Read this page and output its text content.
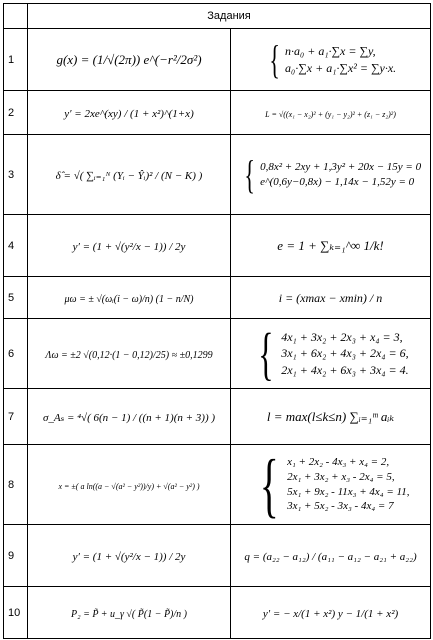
	Задания	
1	g(x) = (1/√(2π)) e^(−r²/2σ²)	{ n·a₀ + a₁·∑x = ∑y,
a₀·∑x + a₁·∑x² = ∑y·x.

2	y′ = 2xe^(xy) / (1 + x²)^(1+x)	L = √((x₁ − x₂)² + (y₁ − y₂)² + (z₁ − z₂)²)
3	δ̂ = √( ∑ᵢ₌₁ᴺ (Yᵢ − Ŷᵢ)² / (N − K) )	{ 0,8x² + 2xy + 1,3y² + 20x − 15y = 0
e^(0,6y−0,8x) − 1,14x − 1,52y = 0

4	y′ = (1 + √(y²/x − 1)) / 2y	e = 1 + ∑ₖ₌₁^∞ 1/k!
5	μω = ± √(ωᵢ(i − ω)/n) (1 − n/N)	i = (xmax − xmin) / n
6	Λω = ±2 √(0,12·(1 − 0,12)/25) ≈ ±0,1299	{ 4x₁ + 3x₂ + 2x₃ + x₄ = 3,
3x₁ + 6x₂ + 4x₃ + 2x₄ = 6,
2x₁ + 4x₂ + 6x₃ + 3x₄ = 4.

7	σ_Aₛ = ⁴√( 6(n − 1) / ((n + 1)(n + 3)) )	l = max(l≤k≤n) ∑ᵢ₌₁ᵐ aᵢₖ
8	x = ±( a ln((a − √(a² − y²))/y) + √(a² − y²) )	{ x₁ + 2x₂ - 4x₃ + x₄ = 2,
2x₁ + 3x₂ + x₃ - 2x₄ = 5,
5x₁ + 9x₂ - 11x₃ + 4x₄ = 11,
3x₁ + 5x₂ - 3x₃ - 4x₄ = 7

9	y′ = (1 + √(y²/x − 1)) / 2y	q = (a₂₂ − a₁₂) / (a₁₁ − a₁₂ − a₂₁ + a₂₂)
10	P₂ = P̃ + u_γ √( P̃(1 − P̃)/n )	y′ = − x/(1 + x²) y − 1/(1 + x²)
